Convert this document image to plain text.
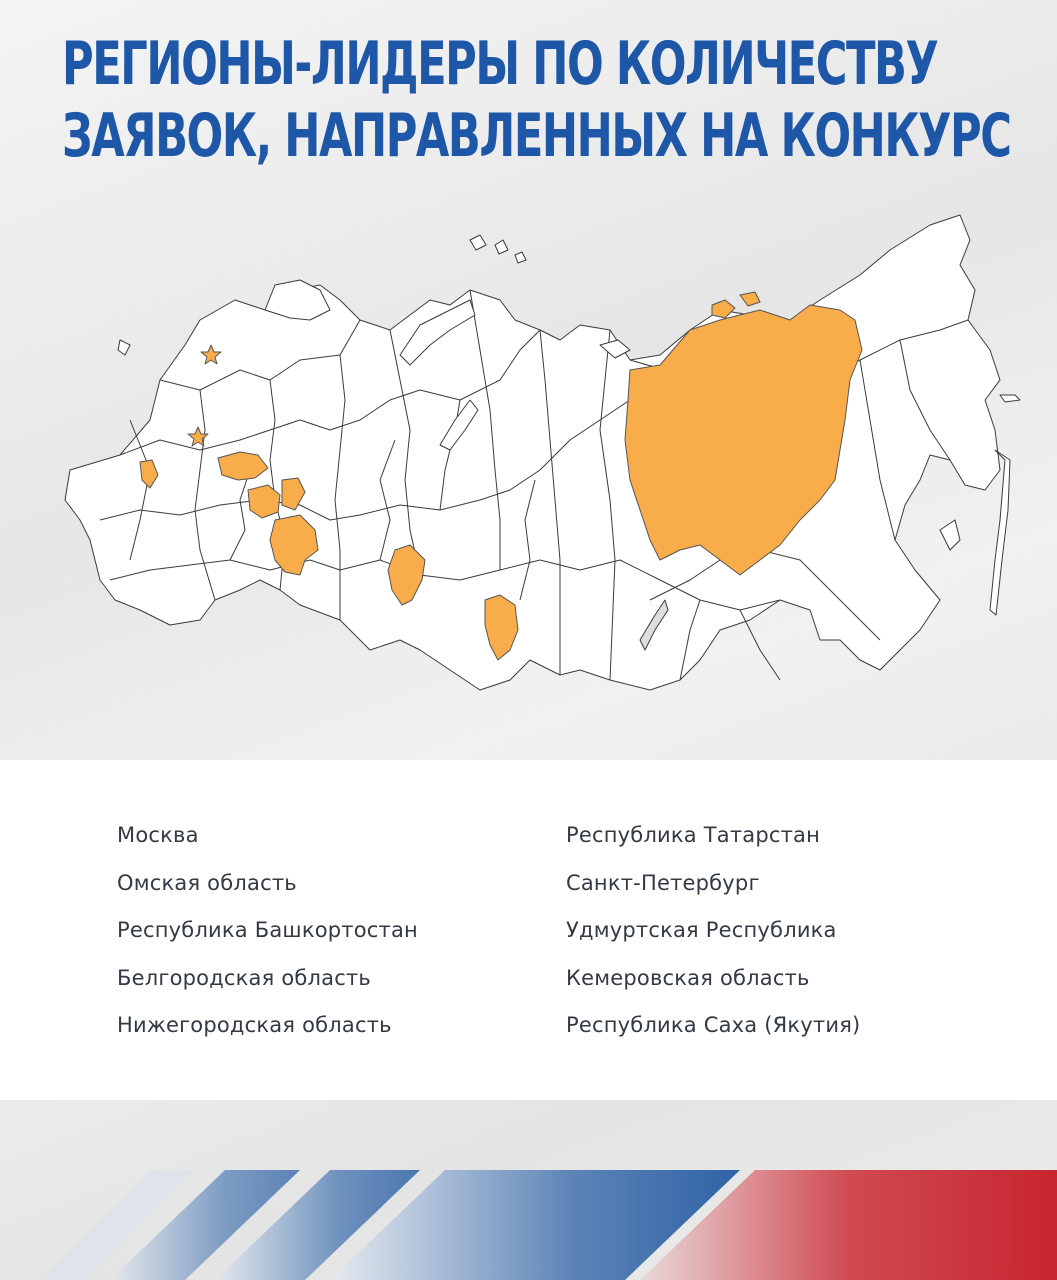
РЕГИОНЫ-ЛИДЕРЫ ПО КОЛИЧЕСТВУ
ЗАЯВОК, НАПРАВЛЕННЫХ НА КОНКУРС
Москва
Омская область
Республика Башкортостан
Белгородская область
Нижегородская область
Республика Татарстан
Санкт-Петербург
Удмуртская Республика
Кемеровская область
Республика Саха (Якутия)
